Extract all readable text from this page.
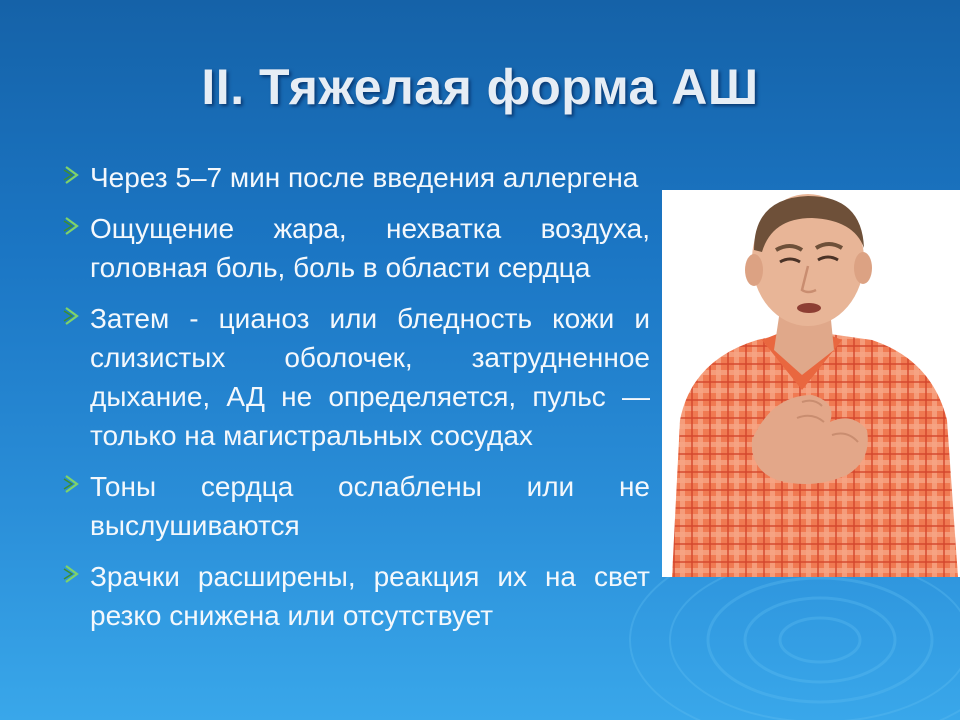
II. Тяжелая форма АШ
Через 5–7 мин после введения аллергена
Ощущение жара, нехватка воздуха, головная боль, боль в области сердца
Затем - цианоз или бледность кожи и слизистых оболочек, затрудненное дыхание, АД не определяется, пульс — только на магистральных сосудах
Тоны сердца ослаблены или не выслушиваются
Зрачки расширены, реакция их на свет резко снижена или отсутствует
